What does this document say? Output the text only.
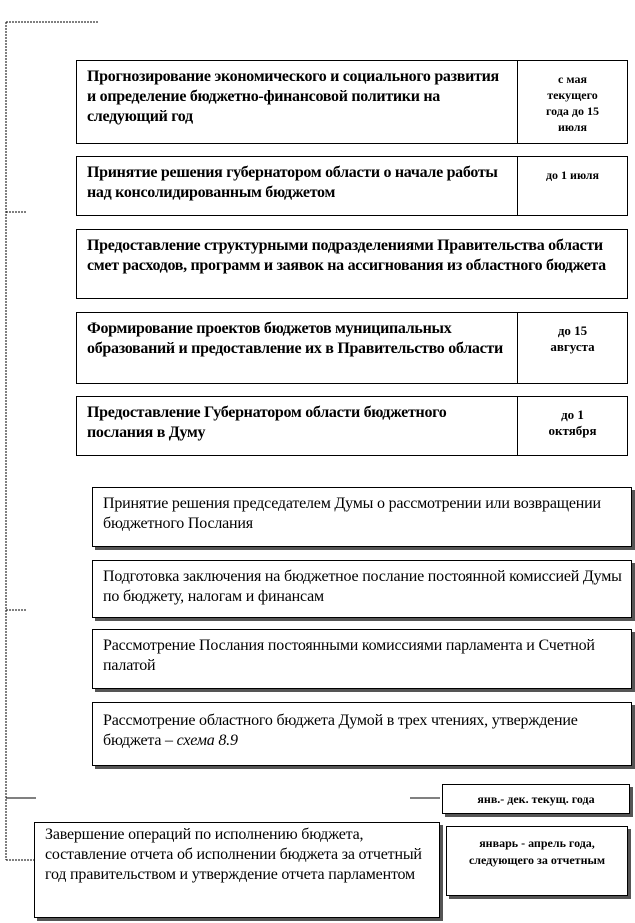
Прогнозирование экономического и социального развития и определение бюджетно-финансовой политики на следующий год
с мая текущего года до 15 июля
Принятие решения губернатором области о начале работы над консолидированным бюджетом
до 1 июля
Предоставление структурными подразделениями Правительства области смет расходов, программ и заявок на ассигнования из областного бюджета
Формирование проектов бюджетов муниципальных образований и предоставление их в Правительство области
до 15 августа
Предоставление Губернатором области бюджетного послания в Думу
до 1 октября
Принятие решения председателем Думы о рассмотрении или возвращении бюджетного Послания
Подготовка заключения на бюджетное послание постоянной комиссией Думы по бюджету, налогам и финансам
Рассмотрение Послания постоянными комиссиями парламента и Счетной палатой
Рассмотрение областного бюджета Думой в трех чтениях, утверждение бюджета – схема 8.9
янв.- дек. текущ. года
Завершение операций по исполнению бюджета, составление отчета об исполнении бюджета за отчетный год правительством и утверждение отчета парламентом
январь - апрель года, следующего за отчетным
